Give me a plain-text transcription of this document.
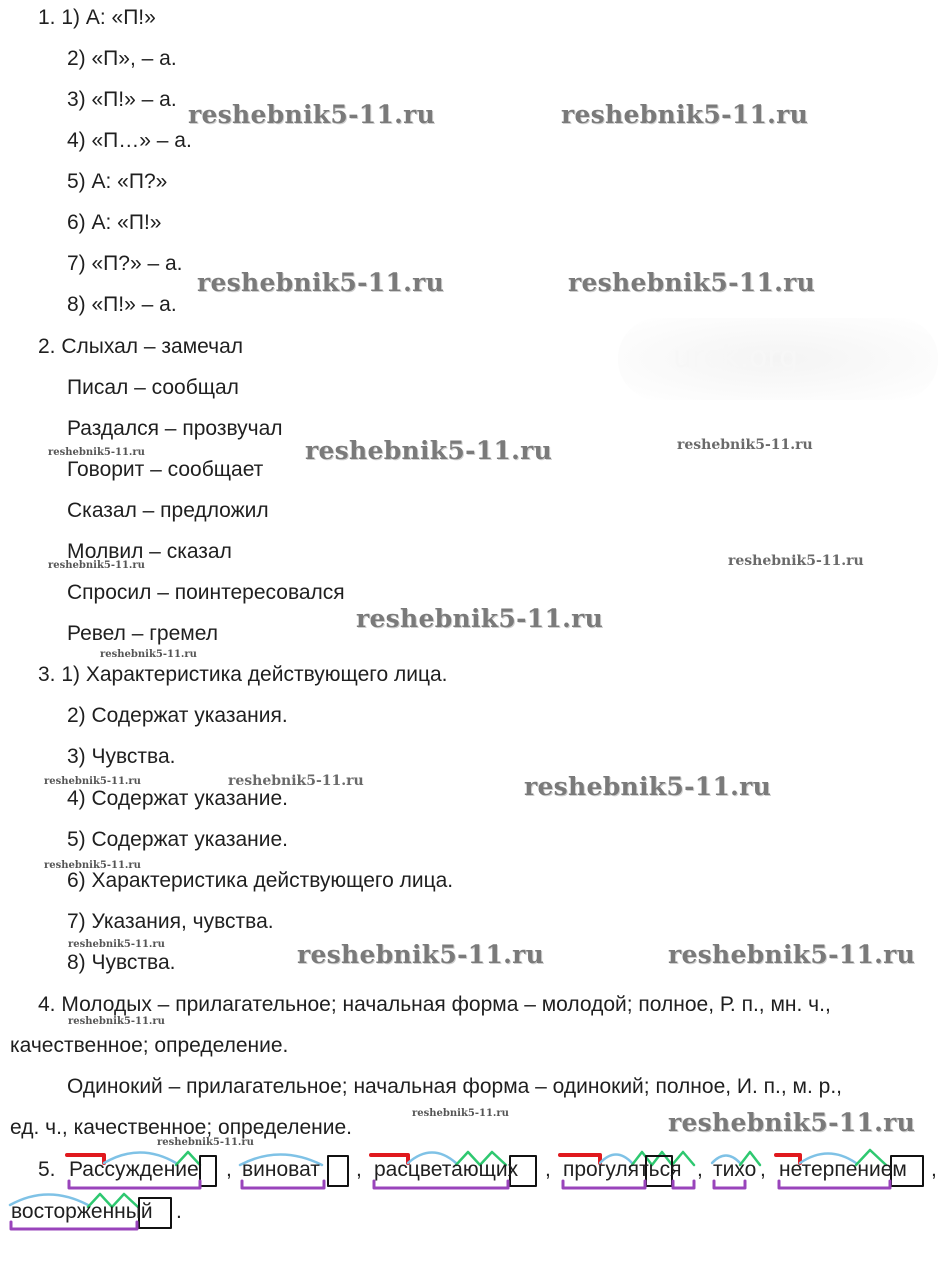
urok.org
1. 1) А: «П!»
2) «П», – а.
3) «П!» – а.
4) «П…» – а.
5) А: «П?»
6) А: «П!»
7) «П?» – а.
8) «П!» – а.
2. Слыхал – замечал
Писал – сообщал
Раздался – прозвучал
Говорит – сообщает
Сказал – предложил
Молвил – сказал
Спросил – поинтересовался
Ревел – гремел
3. 1) Характеристика действующего лица.
2) Содержат указания.
3) Чувства.
4) Содержат указание.
5) Содержат указание.
6) Характеристика действующего лица.
7) Указания, чувства.
8) Чувства.
4. Молодых – прилагательное; начальная форма – молодой; полное, Р. п., мн. ч.,
качественное; определение.
Одинокий – прилагательное; начальная форма – одинокий; полное, И. п., м. р.,
ед. ч., качественное; определение.
5. Рассуждение , виноват , расцветающих , прогуляться , тихо , нетерпением ,
восторженный .
reshebnik5-11.ru	reshebnik5-11.ru
reshebnik5-11.ru	reshebnik5-11.ru
reshebnik5-11.ru	reshebnik5-11.ru
reshebnik5-11.ru
reshebnik5-11.ru
reshebnik5-11.ru
reshebnik5-11.ru
reshebnik5-11.ru
reshebnik5-11.ru
reshebnik5-11.ru	reshebnik5-11.ru
reshebnik5-11.ru
reshebnik5-11.ru	reshebnik5-11.ru	reshebnik5-11.ru
reshebnik5-11.ru
reshebnik5-11.ru	reshebnik5-11.ru
reshebnik5-11.ru
